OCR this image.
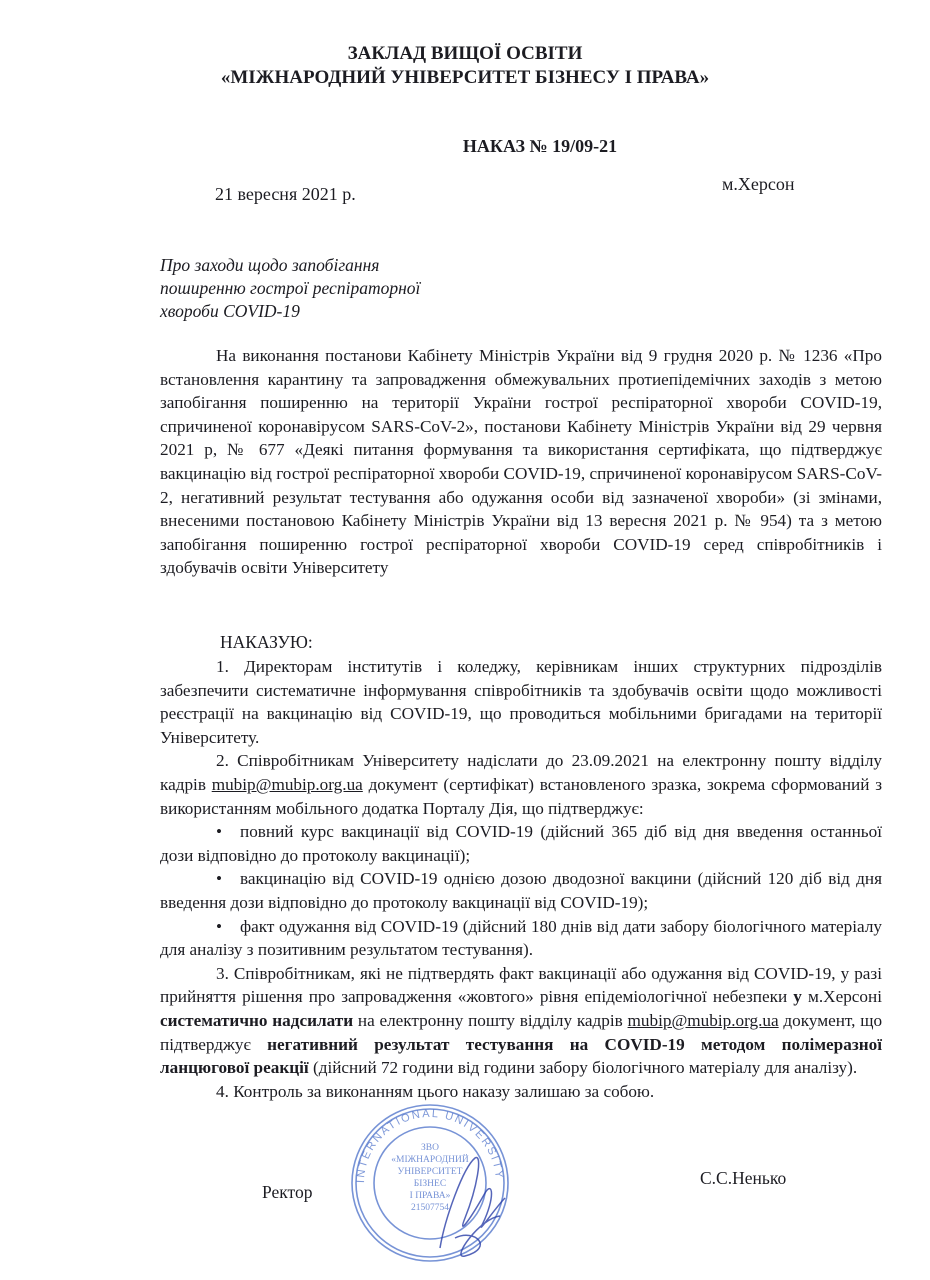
ЗАКЛАД ВИЩОЇ ОСВІТИ
«МІЖНАРОДНИЙ УНІВЕРСИТЕТ БІЗНЕСУ І ПРАВА»
НАКАЗ № 19/09-21
21 вересня 2021 р.	м.Херсон
Про заходи щодо запобігання
поширенню гострої респіраторної
хвороби COVID-19

На виконання постанови Кабінету Міністрів України від 9 грудня 2020 р. № 1236 «Про встановлення карантину та запровадження обмежувальних протиепідемічних заходів з метою запобігання поширенню на території України гострої респіраторної хвороби COVID-19, спричиненої коронавірусом SARS-CoV-2», постанови Кабінету Міністрів України від 29 червня 2021 р, № 677 «Деякі питання формування та використання сертифіката, що підтверджує вакцинацію від гострої респіраторної хвороби COVID-19, спричиненої коронавірусом SARS-CoV-2, негативний результат тестування або одужання особи від зазначеної хвороби» (зі змінами, внесеними постановою Кабінету Міністрів України від 13 вересня 2021 р. № 954) та з метою запобігання поширенню гострої респіраторної хвороби COVID-19 серед співробітників і здобувачів освіти Університету

НАКАЗУЮ:

1. Директорам інститутів і коледжу, керівникам інших структурних підрозділів забезпечити систематичне інформування співробітників та здобувачів освіти щодо можливості реєстрації на вакцинацію від COVID-19, що проводиться мобільними бригадами на території Університету.

2. Співробітникам Університету надіслати до 23.09.2021 на електронну пошту відділу кадрів mubip@mubip.org.ua документ (сертифікат) встановленого зразка, зокрема сформований з використанням мобільного додатка Порталу Дія, що підтверджує:

• повний курс вакцинації від COVID-19 (дійсний 365 діб від дня введення останньої дози відповідно до протоколу вакцинації);

• вакцинацію від COVID-19 однією дозою дводозної вакцини (дійсний 120 діб від дня введення дози відповідно до протоколу вакцинації від COVID-19);

• факт одужання від COVID-19 (дійсний 180 днів від дати забору біологічного матеріалу для аналізу з позитивним результатом тестування).

3. Співробітникам, які не підтвердять факт вакцинації або одужання від COVID-19, у разі прийняття рішення про запровадження «жовтого» рівня епідеміологічної небезпеки у м.Херсоні систематично надсилати на електронну пошту відділу кадрів mubip@mubip.org.ua документ, що підтверджує негативний результат тестування на COVID-19 методом полімеразної ланцюгової реакції (дійсний 72 години від години забору біологічного матеріалу для аналізу).

4. Контроль за виконанням цього наказу залишаю за собою.

INTERNATIONAL UNIVERSITY
ЗВО
«МІЖНАРОДНИЙ
УНІВЕРСИТЕТ
БІЗНЕС
І ПРАВА»
21507754
Ректор
С.С.Ненько
